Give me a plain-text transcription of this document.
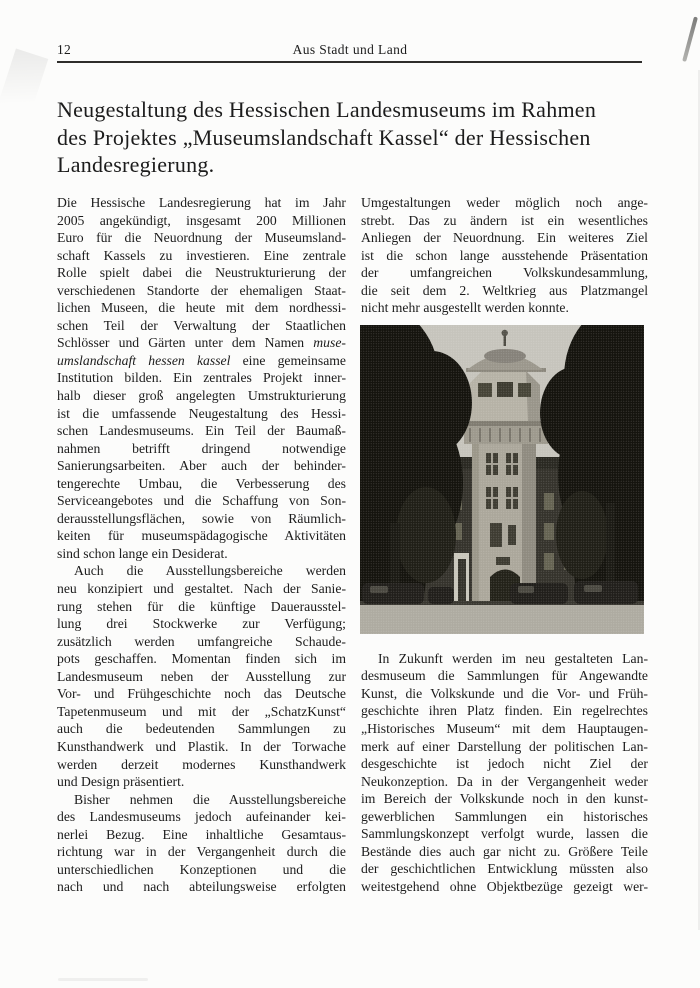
12	Aus Stadt und Land
Neugestaltung des Hessischen Landesmuseums im Rahmen
des Projektes „Museumslandschaft Kassel“ der Hessischen
Landesregierung.
Die Hessische Landesregierung hat im Jahr
2005 angekündigt, insgesamt 200 Millionen
Euro für die Neuordnung der Museumsland-
schaft Kassels zu investieren. Eine zentrale
Rolle spielt dabei die Neustrukturierung der
verschiedenen Standorte der ehemaligen Staat-
lichen Museen, die heute mit dem nordhessi-
schen Teil der Verwaltung der Staatlichen
Schlösser und Gärten unter dem Namen muse-
umslandschaft hessen kassel eine gemeinsame
Institution bilden. Ein zentrales Projekt inner-
halb dieser groß angelegten Umstrukturierung
ist die umfassende Neugestaltung des Hessi-
schen Landesmuseums. Ein Teil der Baumaß-
nahmen betrifft dringend notwendige
Sanierungsarbeiten. Aber auch der behinder-
tengerechte Umbau, die Verbesserung des
Serviceangebotes und die Schaffung von Son-
derausstellungsflächen, sowie von Räumlich-
keiten für museumspädagogische Aktivitäten
sind schon lange ein Desiderat.
Auch die Ausstellungsbereiche werden
neu konzipiert und gestaltet. Nach der Sanie-
rung stehen für die künftige Dauerausstel-
lung drei Stockwerke zur Verfügung;
zusätzlich werden umfangreiche Schaude-
pots geschaffen. Momentan finden sich im
Landesmuseum neben der Ausstellung zur
Vor- und Frühgeschichte noch das Deutsche
Tapetenmuseum und mit der „SchatzKunst“
auch die bedeutenden Sammlungen zu
Kunsthandwerk und Plastik. In der Torwache
werden derzeit modernes Kunsthandwerk
und Design präsentiert.
Bisher nehmen die Ausstellungsbereiche
des Landesmuseums jedoch aufeinander kei-
nerlei Bezug. Eine inhaltliche Gesamtaus-
richtung war in der Vergangenheit durch die
unterschiedlichen Konzeptionen und die
nach und nach abteilungsweise erfolgten
Umgestaltungen weder möglich noch ange-
strebt. Das zu ändern ist ein wesentliches
Anliegen der Neuordnung. Ein weiteres Ziel
ist die schon lange ausstehende Präsentation
der umfangreichen Volkskundesammlung,
die seit dem 2. Weltkrieg aus Platzmangel
nicht mehr ausgestellt werden konnte.
In Zukunft werden im neu gestalteten Lan-
desmuseum die Sammlungen für Angewandte
Kunst, die Volkskunde und die Vor- und Früh-
geschichte ihren Platz finden. Ein regelrechtes
„Historisches Museum“ mit dem Hauptaugen-
merk auf einer Darstellung der politischen Lan-
desgeschichte ist jedoch nicht Ziel der
Neukonzeption. Da in der Vergangenheit weder
im Bereich der Volkskunde noch in den kunst-
gewerblichen Sammlungen ein historisches
Sammlungskonzept verfolgt wurde, lassen die
Bestände dies auch gar nicht zu. Größere Teile
der geschichtlichen Entwicklung müssten also
weitestgehend ohne Objektbezüge gezeigt wer-
